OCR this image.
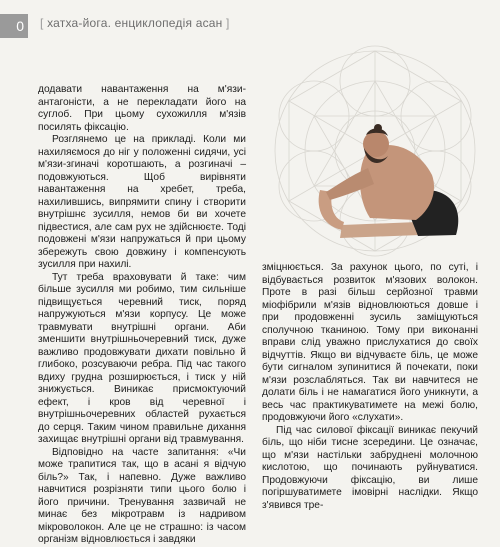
0	[ хатха-йога. енциклопедія асан ]

додавати навантаження на м'язи-антагоністи, а не перекладати його на суглоб. При цьому сухожилля м'язів посилять фіксацію.

Розглянемо це на прикладі. Коли ми нахиляємося до ніг у положенні сидячи, усі м'язи-згиначі коротшають, а розгиначі – подовжуються. Щоб вирівняти навантаження на хребет, треба, нахилившись, випрямити спину і створити внутрішнє зусилля, немов би ви хочете підвестися, але сам рух не здійснюєте. Тоді подовжені м'язи напружаться й при цьому збережуть свою довжину і компенсують зусилля при нахилі.

Тут треба враховувати й таке: чим більше зусилля ми робимо, тим сильніше підвищується черевний тиск, поряд напружуються м'язи корпусу. Це може травмувати внутрішні органи. Аби зменшити внутрішньочеревний тиск, дуже важливо продовжувати дихати повільно й глибоко, розсуваючи ребра. Під час такого вдиху грудна розширюється, і тиск у ній знижується. Виникає присмоктуючий ефект, і кров від черевної і внутрішньочеревних областей рухається до серця. Таким чином правильне дихання захищає внутрішні органи від травмування.

Відповідно на часте запитання: «Чи може трапитися так, що в асані я відчую біль?» Так, і напевно. Дуже важливо навчитися розрізняти типи цього болю і його причини. Тренування зазвичай не минає без мікротравм із надривом мікроволокон. Але це не страшно: із часом організм відновлюється і завдяки

зміцнюється. За рахунок цього, по суті, і відбувається розвиток м'язових волокон. Проте в разі більш серйозної травми міофібрили м'язів відновлюються довше і при продовженні зусиль заміщуються сполучною тканиною. Тому при виконанні вправи слід уважно прислухатися до своїх відчуттів. Якщо ви відчуваєте біль, це може бути сигналом зупинитися й почекати, поки м'язи розслабляться. Так ви навчитеся не долати біль і не намагатися його уникнути, а весь час практикуватимете на межі болю, продовжуючи його «слухати».

Під час силової фіксації виникає пекучий біль, що ніби тисне зсередини. Це означає, що м'язи настільки забруднені молочною кислотою, що починають руйнуватися. Продовжуючи фіксацію, ви лише погіршуватимете імовірні наслідки. Якщо з'явився тре-
